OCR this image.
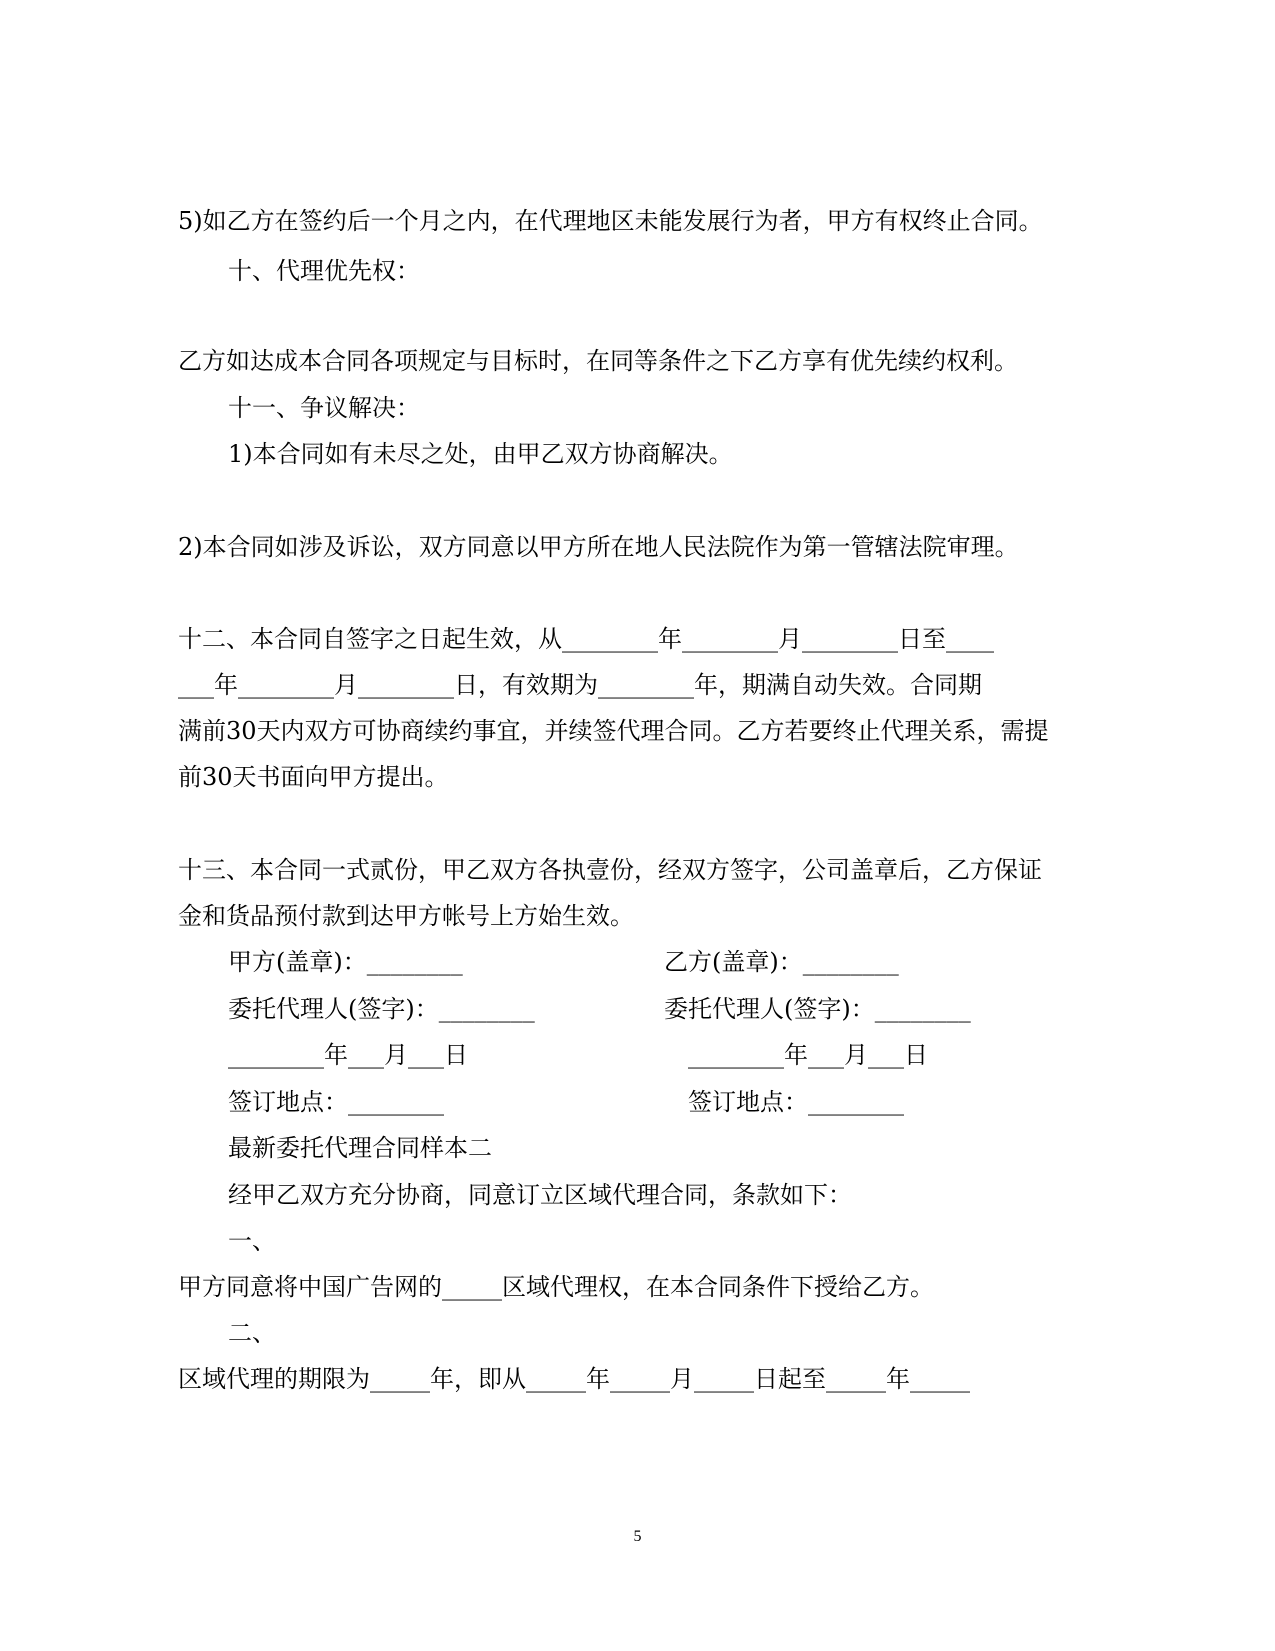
5)如乙方在签约后一个月之内，在代理地区未能发展行为者，甲方有权终止合同。

十、代理优先权：

乙方如达成本合同各项规定与目标时，在同等条件之下乙方享有优先续约权利。

十一、争议解决：

1)本合同如有未尽之处，由甲乙双方协商解决。

2)本合同如涉及诉讼，双方同意以甲方所在地人民法院作为第一管辖法院审理。

十二、本合同自签字之日起生效，从________年________月________日至____

___年________月________日，有效期为________年，期满自动失效。合同期

满前30天内双方可协商续约事宜，并续签代理合同。乙方若要终止代理关系，需提

前30天书面向甲方提出。

十三、本合同一式贰份，甲乙双方各执壹份，经双方签字，公司盖章后，乙方保证

金和货品预付款到达甲方帐号上方始生效。

甲方(盖章)：________	乙方(盖章)：________

委托代理人(签字)：________	委托代理人(签字)：________

________年___月___日	________年___月___日

签订地点：________	签订地点：________

最新委托代理合同样本二

经甲乙双方充分协商，同意订立区域代理合同，条款如下：

一、

甲方同意将中国广告网的_____区域代理权，在本合同条件下授给乙方。

二、

区域代理的期限为_____年，即从_____年_____月_____日起至_____年_____

5
